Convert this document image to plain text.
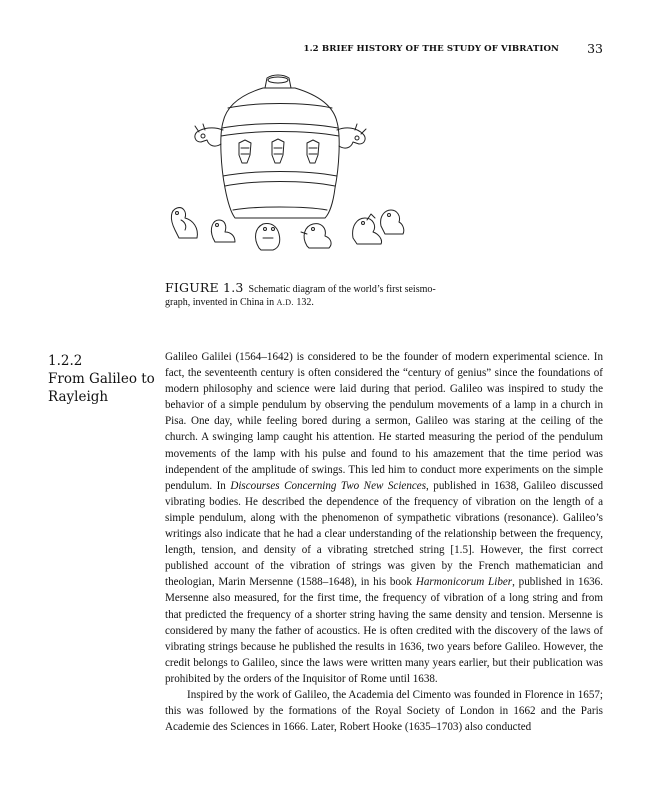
1.2 BRIEF HISTORY OF THE STUDY OF VIBRATION 33
FIGURE 1.3 Schematic diagram of the world’s first seismo-
graph, invented in China in A.D. 132.
1.2.2
From Galileo to
Rayleigh

Galileo Galilei (1564–1642) is considered to be the founder of modern experimental science. In fact, the seventeenth century is often considered the “century of genius” since the foundations of modern philosophy and science were laid during that period. Galileo was inspired to study the behavior of a simple pendulum by observing the pendulum movements of a lamp in a church in Pisa. One day, while feeling bored during a sermon, Galileo was staring at the ceiling of the church. A swinging lamp caught his attention. He started measuring the period of the pendulum movements of the lamp with his pulse and found to his amazement that the time period was independent of the amplitude of swings. This led him to conduct more experiments on the simple pendulum. In Discourses Concerning Two New Sciences, published in 1638, Galileo discussed vibrating bodies. He described the dependence of the frequency of vibration on the length of a simple pendulum, along with the phenomenon of sympathetic vibrations (resonance). Galileo’s writings also indicate that he had a clear understanding of the relationship between the frequency, length, tension, and density of a vibrating stretched string [1.5]. However, the first correct published account of the vibration of strings was given by the French mathematician and theologian, Marin Mersenne (1588–1648), in his book Harmonicorum Liber, published in 1636. Mersenne also measured, for the first time, the frequency of vibration of a long string and from that predicted the frequency of a shorter string having the same density and tension. Mersenne is considered by many the father of acoustics. He is often credited with the discovery of the laws of vibrating strings because he published the results in 1636, two years before Galileo. However, the credit belongs to Galileo, since the laws were written many years earlier, but their publication was prohibited by the orders of the Inquisitor of Rome until 1638.

Inspired by the work of Galileo, the Academia del Cimento was founded in Florence in 1657; this was followed by the formations of the Royal Society of London in 1662 and the Paris Academie des Sciences in 1666. Later, Robert Hooke (1635–1703) also conducted
